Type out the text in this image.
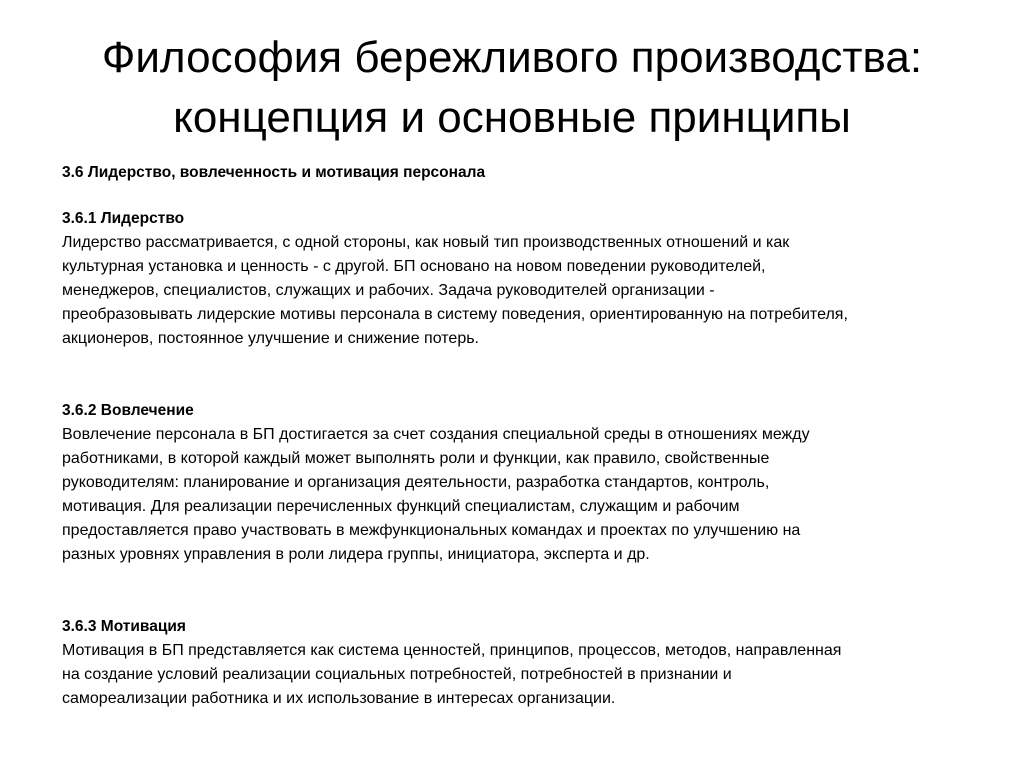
Философия бережливого производства:
концепция и основные принципы
3.6 Лидерство, вовлеченность и мотивация персонала
3.6.1 Лидерство
Лидерство рассматривается, с одной стороны, как новый тип производственных отношений и как
культурная установка и ценность - с другой. БП основано на новом поведении руководителей,
менеджеров, специалистов, служащих и рабочих. Задача руководителей организации -
преобразовывать лидерские мотивы персонала в систему поведения, ориентированную на потребителя,
акционеров, постоянное улучшение и снижение потерь.
3.6.2 Вовлечение
Вовлечение персонала в БП достигается за счет создания специальной среды в отношениях между
работниками, в которой каждый может выполнять роли и функции, как правило, свойственные
руководителям: планирование и организация деятельности, разработка стандартов, контроль,
мотивация. Для реализации перечисленных функций специалистам, служащим и рабочим
предоставляется право участвовать в межфункциональных командах и проектах по улучшению на
разных уровнях управления в роли лидера группы, инициатора, эксперта и др.
3.6.3 Мотивация
Мотивация в БП представляется как система ценностей, принципов, процессов, методов, направленная
на создание условий реализации социальных потребностей, потребностей в признании и
самореализации работника и их использование в интересах организации.
